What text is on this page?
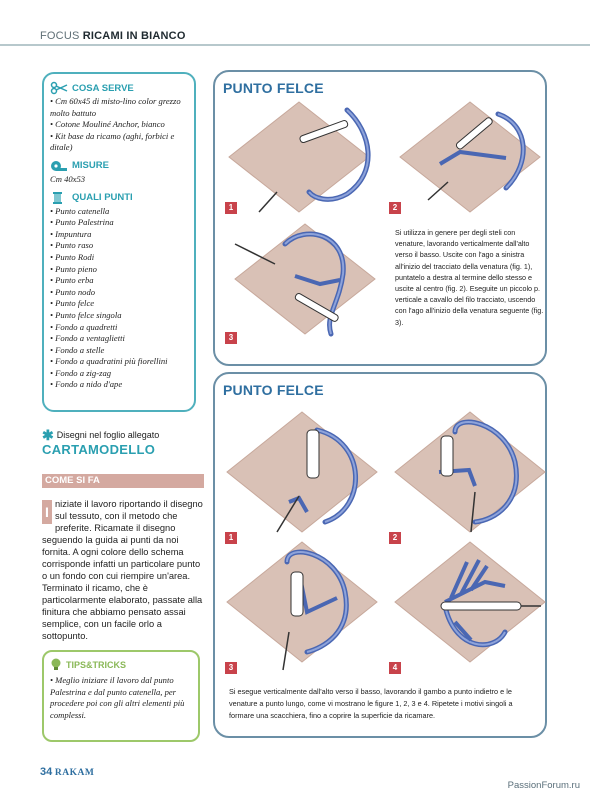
FOCUS RICAMI IN BIANCO
COSA SERVE
• Cm 60x45 di misto-lino color grezzo molto battuto
• Cotone Mouliné Anchor, bianco
• Kit base da ricamo (aghi, forbici e ditale)
MISURE
Cm 40x53
QUALI PUNTI
• Punto catenella
• Punto Palestrina
• Impuntura
• Punto raso
• Punto Rodi
• Punto pieno
• Punto erba
• Punto nodo
• Punto felce
• Punto felce singola
• Fondo a quadretti
• Fondo a ventaglietti
• Fondo a stelle
• Fondo a quadratini più fiorellini
• Fondo a zig-zag
• Fondo a nido d'ape
✱ Disegni nel foglio allegato
CARTAMODELLO
COME SI FA
I niziate il lavoro riportando il disegno sul tessuto, con il metodo che preferite. Ricamate il disegno seguendo la guida ai punti da noi fornita. A ogni colore dello schema corrisponde infatti un particolare punto o un fondo con cui riempire un'area. Terminato il ricamo, che è particolarmente elaborato, passate alla finitura che abbiamo pensato assai semplice, con un facile orlo a sottopunto.
TIPS&TRICKS

• Meglio iniziare il lavoro dal punto Palestrina e dal punto catenella, per procedere poi con gli altri elementi più complessi.

PUNTO FELCE
1	2
3
Si utilizza in genere per degli steli con venature, lavorando verticalmente dall'alto verso il basso. Uscite con l'ago a sinistra all'inizio del tracciato della venatura (fig. 1), puntatelo a destra al termine dello stesso e uscite al centro (fig. 2). Eseguite un piccolo p. verticale a cavallo del filo tracciato, uscendo con l'ago all'inizio della venatura seguente (fig. 3).
PUNTO FELCE
1	2
3	4
Si esegue verticalmente dall'alto verso il basso, lavorando il gambo a punto indietro e le venature a punto lungo, come vi mostrano le figure 1, 2, 3 e 4. Ripetete i motivi singoli a formare una scacchiera, fino a coprire la superficie da ricamare.
34 RAKAM
PassionForum.ru
